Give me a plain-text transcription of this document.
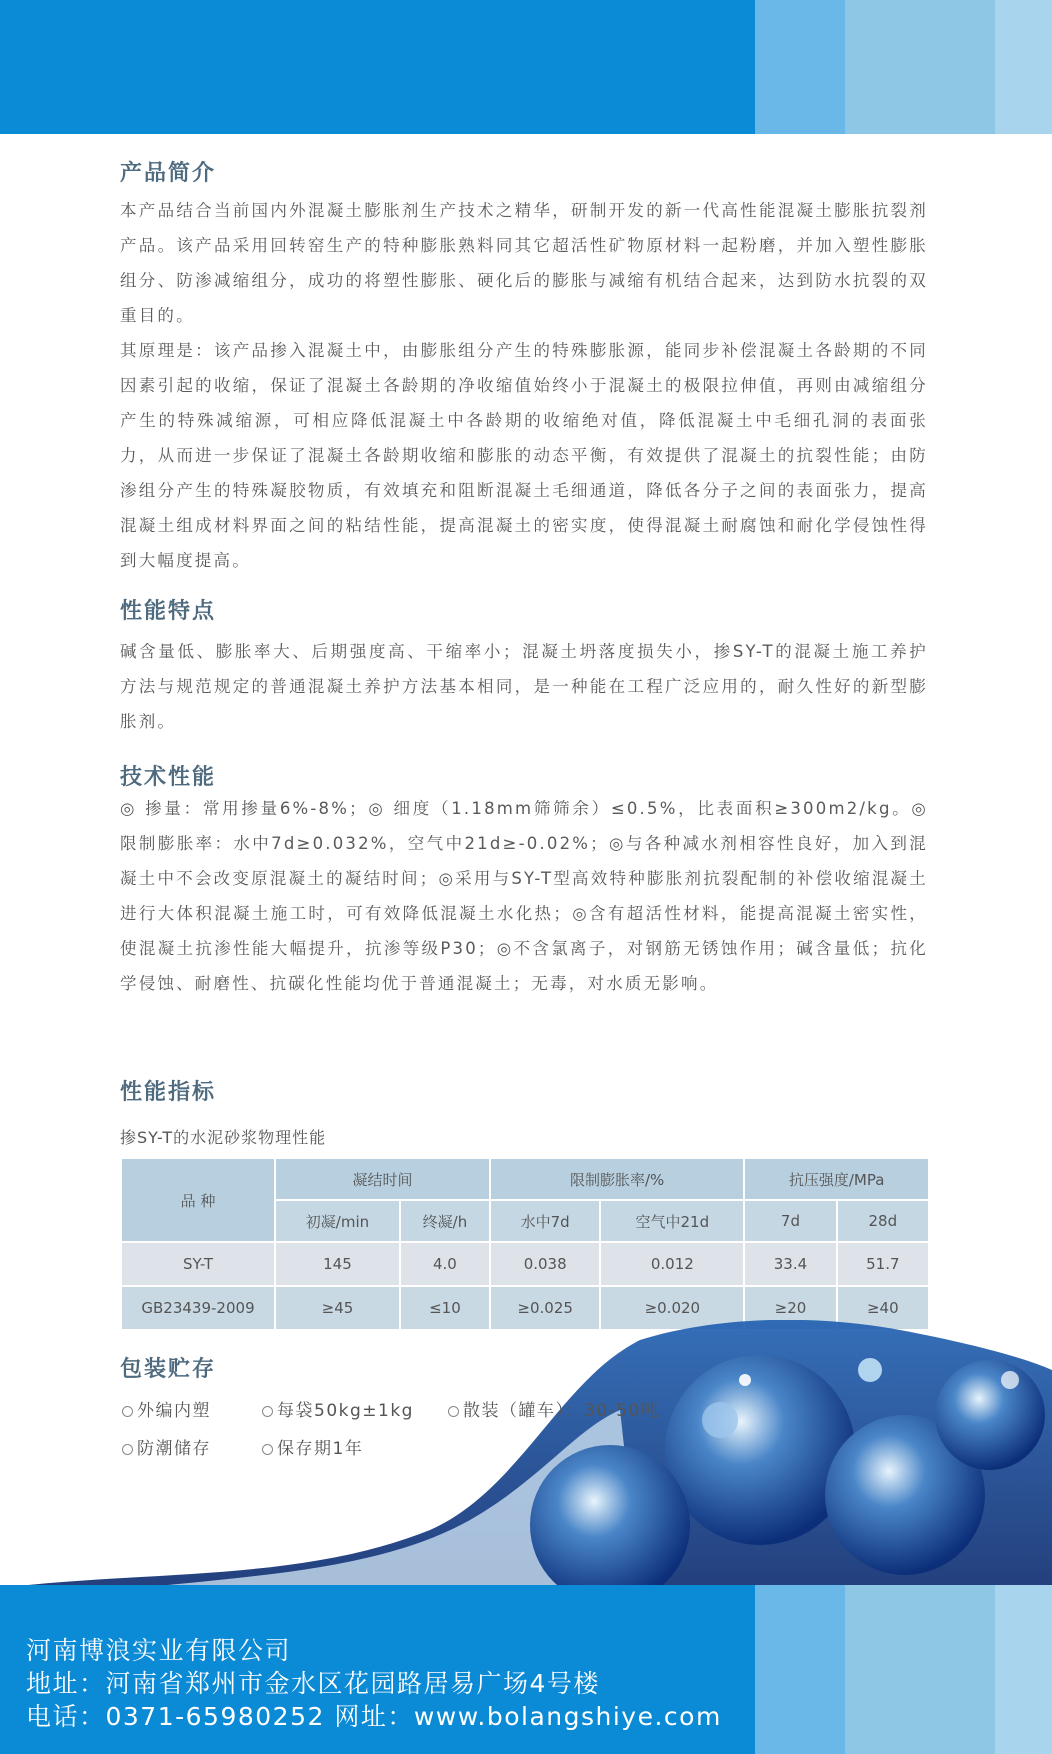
产品简介

本产品结合当前国内外混凝土膨胀剂生产技术之精华，研制开发的新一代高性能混凝土膨胀抗裂剂产品。该产品采用回转窑生产的特种膨胀熟料同其它超活性矿物原材料一起粉磨，并加入塑性膨胀组分、防渗减缩组分，成功的将塑性膨胀、硬化后的膨胀与减缩有机结合起来，达到防水抗裂的双重目的。

其原理是：该产品掺入混凝土中，由膨胀组分产生的特殊膨胀源，能同步补偿混凝土各龄期的不同因素引起的收缩，保证了混凝土各龄期的净收缩值始终小于混凝土的极限拉伸值，再则由减缩组分产生的特殊减缩源，可相应降低混凝土中各龄期的收缩绝对值，降低混凝土中毛细孔洞的表面张力，从而进一步保证了混凝土各龄期收缩和膨胀的动态平衡，有效提供了混凝土的抗裂性能；由防渗组分产生的特殊凝胶物质，有效填充和阻断混凝土毛细通道，降低各分子之间的表面张力，提高混凝土组成材料界面之间的粘结性能，提高混凝土的密实度，使得混凝土耐腐蚀和耐化学侵蚀性得到大幅度提高。

性能特点

碱含量低、膨胀率大、后期强度高、干缩率小；混凝土坍落度损失小，掺SY-T的混凝土施工养护方法与规范规定的普通混凝土养护方法基本相同，是一种能在工程广泛应用的，耐久性好的新型膨胀剂。

技术性能

◎ 掺量：常用掺量6%-8%；◎ 细度（1.18mm筛筛余）≤0.5%，比表面积≥300m2/kg。◎限制膨胀率：水中7d≥0.032%，空气中21d≥-0.02%；◎与各种减水剂相容性良好，加入到混凝土中不会改变原混凝土的凝结时间；◎采用与SY-T型高效特种膨胀剂抗裂配制的补偿收缩混凝土进行大体积混凝土施工时，可有效降低混凝土水化热；◎含有超活性材料，能提高混凝土密实性，使混凝土抗渗性能大幅提升，抗渗等级P30；◎不含氯离子，对钢筋无锈蚀作用；碱含量低；抗化学侵蚀、耐磨性、抗碳化性能均优于普通混凝土；无毒，对水质无影响。

性能指标
掺SY-T的水泥砂浆物理性能
品 种	凝结时间		限制膨胀率/%		抗压强度/MPa	
	初凝/min	终凝/h	水中7d	空气中21d	7d	28d
SY-T	145	4.0	0.038	0.012	33.4	51.7
GB23439-2009	≥45	≤10	≥0.025	≥0.020	≥20	≥40
包装贮存
外编内塑	每袋50kg±1kg	散装（罐车）：30-50吨
防潮储存	保存期1年
河南博浪实业有限公司
地址：河南省郑州市金水区花园路居易广场4号楼
电话：0371-65980252 网址：www.bolangshiye.com
